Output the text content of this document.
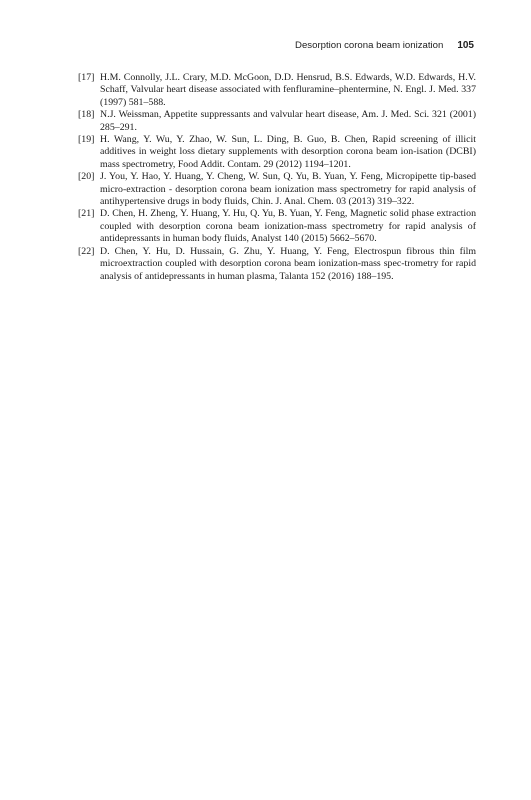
Desorption corona beam ionization 105
[17] H.M. Connolly, J.L. Crary, M.D. McGoon, D.D. Hensrud, B.S. Edwards, W.D. Edwards, H.V. Schaff, Valvular heart disease associated with fenfluramine–phentermine, N. Engl. J. Med. 337 (1997) 581–588.
[18] N.J. Weissman, Appetite suppressants and valvular heart disease, Am. J. Med. Sci. 321 (2001) 285–291.
[19] H. Wang, Y. Wu, Y. Zhao, W. Sun, L. Ding, B. Guo, B. Chen, Rapid screening of illicit additives in weight loss dietary supplements with desorption corona beam ion-isation (DCBI) mass spectrometry, Food Addit. Contam. 29 (2012) 1194–1201.
[20] J. You, Y. Hao, Y. Huang, Y. Cheng, W. Sun, Q. Yu, B. Yuan, Y. Feng, Micropipette tip-based micro-extraction - desorption corona beam ionization mass spectrometry for rapid analysis of antihypertensive drugs in body fluids, Chin. J. Anal. Chem. 03 (2013) 319–322.
[21] D. Chen, H. Zheng, Y. Huang, Y. Hu, Q. Yu, B. Yuan, Y. Feng, Magnetic solid phase extraction coupled with desorption corona beam ionization-mass spectrometry for rapid analysis of antidepressants in human body fluids, Analyst 140 (2015) 5662–5670.
[22] D. Chen, Y. Hu, D. Hussain, G. Zhu, Y. Huang, Y. Feng, Electrospun fibrous thin film microextraction coupled with desorption corona beam ionization-mass spec-trometry for rapid analysis of antidepressants in human plasma, Talanta 152 (2016) 188–195.
